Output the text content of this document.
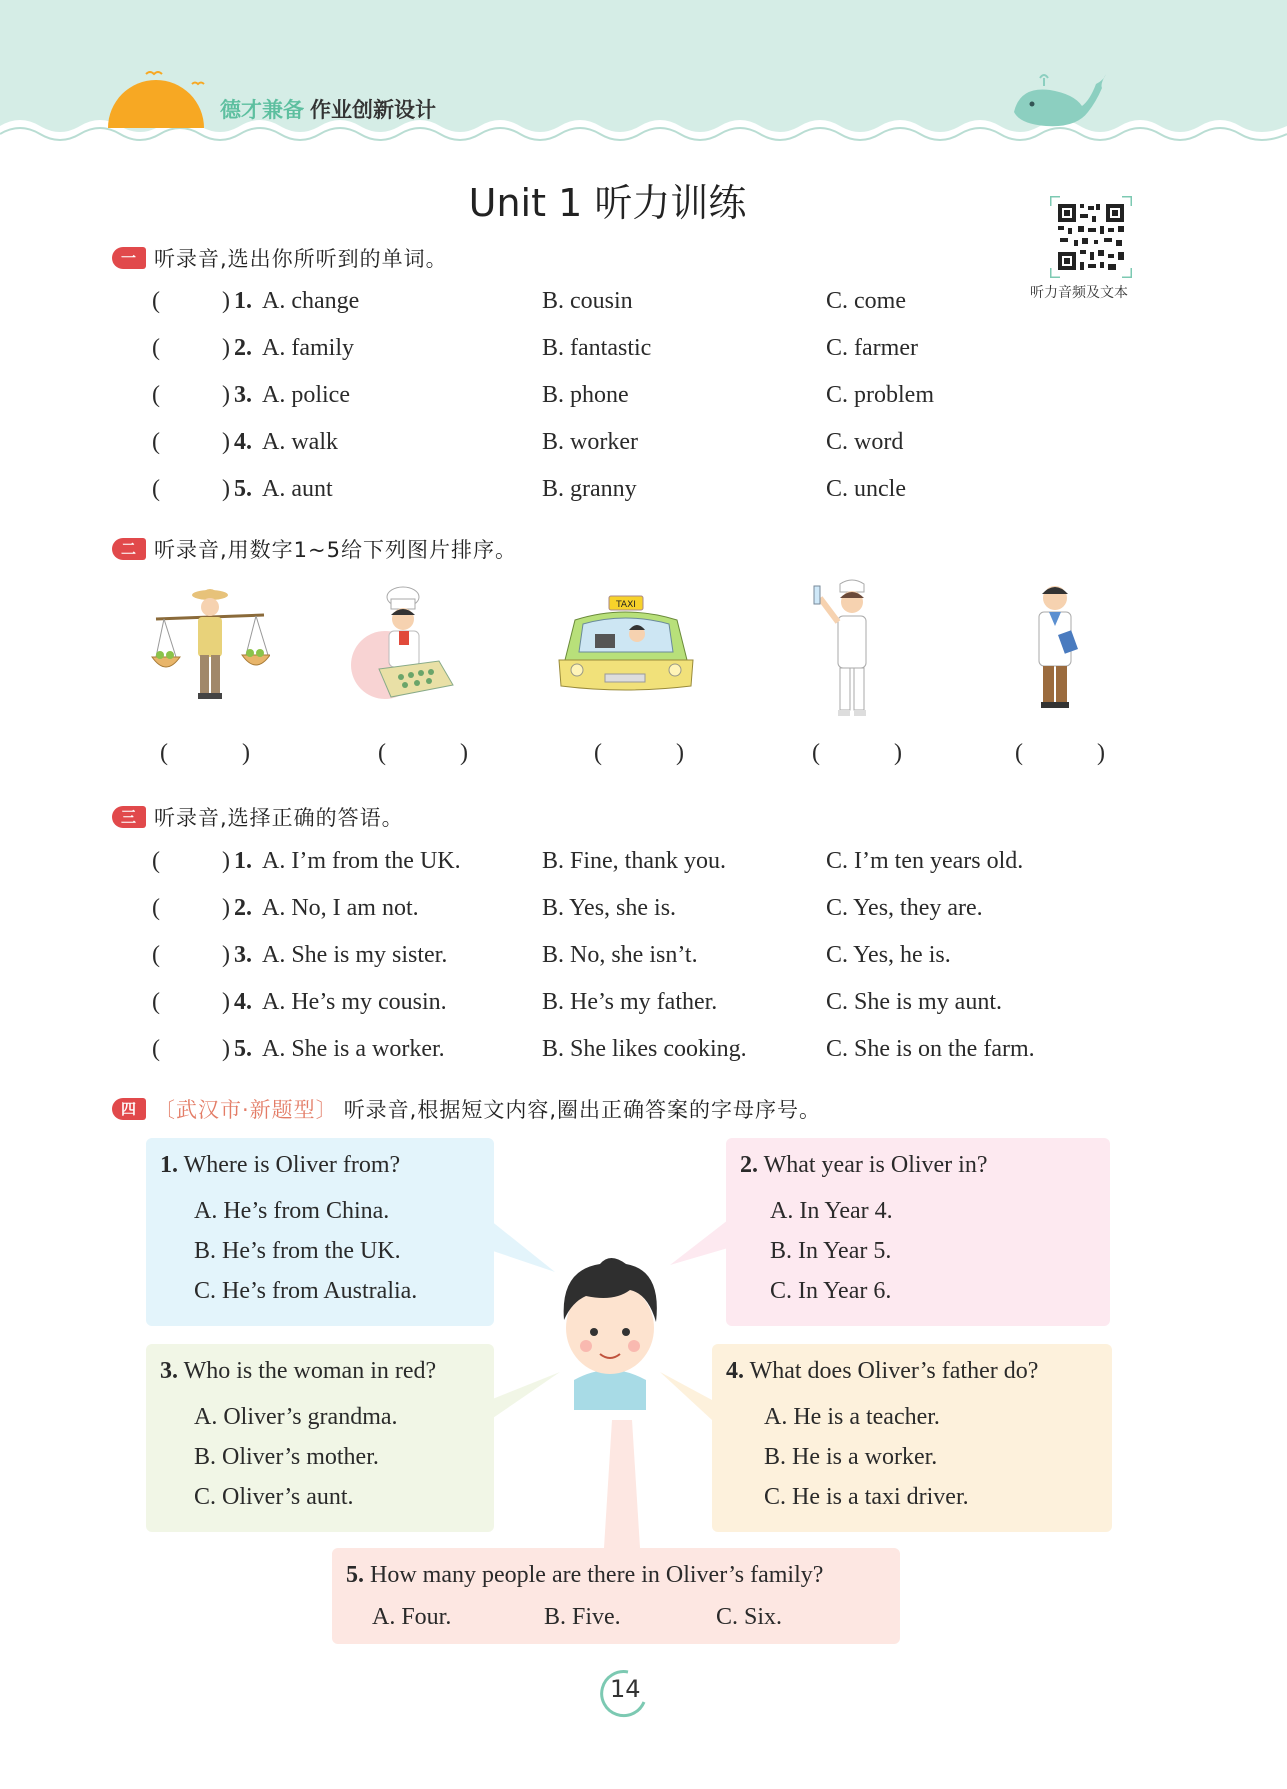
德才兼备 作业创新设计
Unit 1 听力训练
听力音频及文本
一 听录音,选出你所听到的单词。
(	) 1. A. change	B. cousin	C. come
(	) 2. A. family	B. fantastic	C. farmer
(	) 3. A. police	B. phone	C. problem
(	) 4. A. walk	B. worker	C. word
(	) 5. A. aunt	B. granny	C. uncle
二 听录音,用数字1~5给下列图片排序。
TAXI
(	)	(	)	(	)	(	)	(	)
三 听录音,选择正确的答语。
(	) 1. A. I’m from the UK.	B. Fine, thank you.	C. I’m ten years old.
(	) 2. A. No, I am not.	B. Yes, she is.	C. Yes, they are.
(	) 3. A. She is my sister.	B. No, she isn’t.	C. Yes, he is.
(	) 4. A. He’s my cousin.	B. He’s my father.	C. She is my aunt.
(	) 5. A. She is a worker.	B. She likes cooking.	C. She is on the farm.
四 〔武汉市·新题型〕 听录音,根据短文内容,圈出正确答案的字母序号。
1. Where is Oliver from?
A. He’s from China.
B. He’s from the UK.
C. He’s from Australia.
2. What year is Oliver in?
A. In Year 4.
B. In Year 5.
C. In Year 6.
3. Who is the woman in red?
A. Oliver’s grandma.
B. Oliver’s mother.
C. Oliver’s aunt.
4. What does Oliver’s father do?
A. He is a teacher.
B. He is a worker.
C. He is a taxi driver.
5. How many people are there in Oliver’s family?
A. Four.	B. Five.	C. Six.
14
